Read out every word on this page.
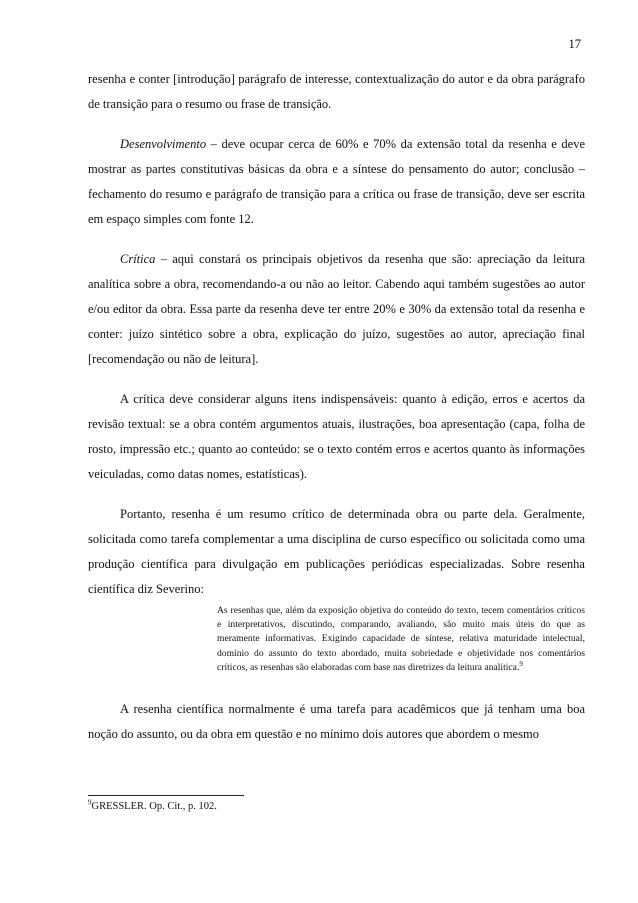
17

resenha e conter [introdução] parágrafo de interesse, contextualização do autor e da obra parágrafo de transição para o resumo ou frase de transição.

Desenvolvimento – deve ocupar cerca de 60% e 70% da extensão total da resenha e deve mostrar as partes constitutivas básicas da obra e a síntese do pensamento do autor; conclusão – fechamento do resumo e parágrafo de transição para a crítica ou frase de transição, deve ser escrita em espaço simples com fonte 12.

Crítica – aqui constará os principais objetivos da resenha que são: apreciação da leitura analítica sobre a obra, recomendando-a ou não ao leitor. Cabendo aqui também sugestões ao autor e/ou editor da obra. Essa parte da resenha deve ter entre 20% e 30% da extensão total da resenha e conter: juízo sintético sobre a obra, explicação do juízo, sugestões ao autor, apreciação final [recomendação ou não de leitura].

A crítica deve considerar alguns itens indispensáveis: quanto à edição, erros e acertos da revisão textual: se a obra contém argumentos atuais, ilustrações, boa apresentação (capa, folha de rosto, impressão etc.; quanto ao conteúdo: se o texto contém erros e acertos quanto às informações veiculadas, como datas nomes, estatísticas).

Portanto, resenha é um resumo crítico de determinada obra ou parte dela. Geralmente, solicitada como tarefa complementar a uma disciplina de curso específico ou solicitada como uma produção científica para divulgação em publicações periódicas especializadas. Sobre resenha científica diz Severino:

As resenhas que, além da exposição objetiva do conteúdo do texto, tecem comentários críticos e interpretativos, discutindo, comparando, avaliando, são muito mais úteis do que as meramente informativas. Exigindo capacidade de síntese, relativa maturidade intelectual, domínio do assunto do texto abordado, muita sobriedade e objetividade nos comentários críticos, as resenhas são elaboradas com base nas diretrizes da leitura analítica.$^9$

A resenha científica normalmente é uma tarefa para acadêmicos que já tenham uma boa noção do assunto, ou da obra em questão e no mínimo dois autores que abordem o mesmo

$^9$GRESSLER. Op. Cit., p. 102.
